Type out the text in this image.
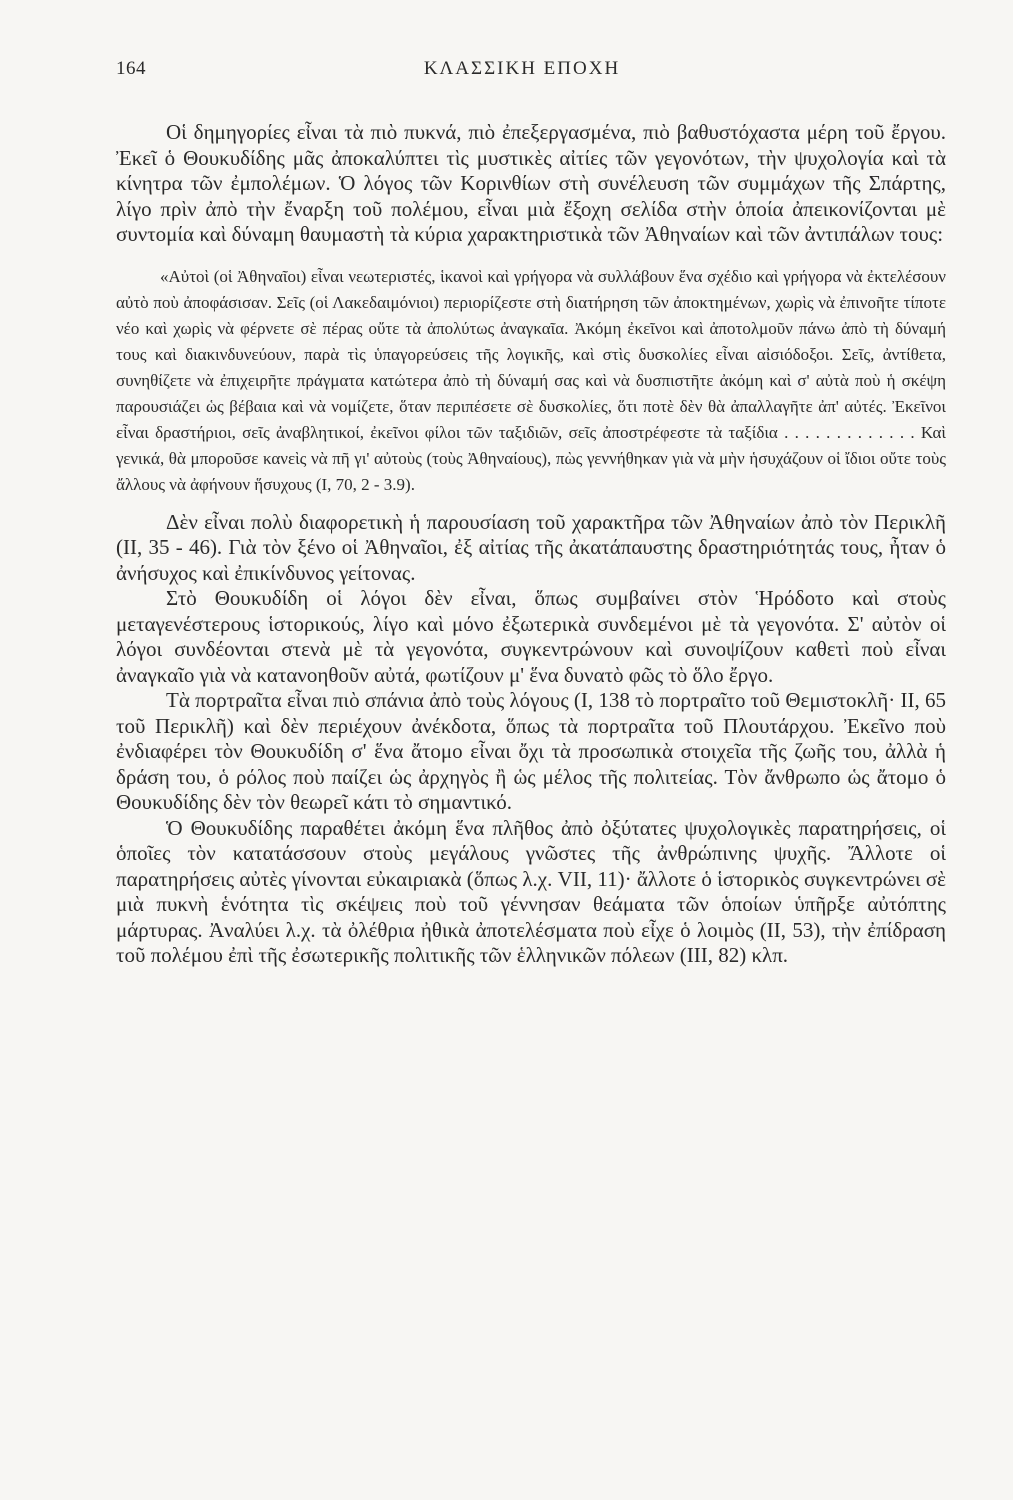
164	ΚΛΑΣΣΙΚΗ ΕΠΟΧΗ

Οἱ δημηγορίες εἶναι τὰ πιὸ πυκνά, πιὸ ἐπεξεργασμένα, πιὸ βαθυστόχαστα μέρη τοῦ ἔργου. Ἐκεῖ ὁ Θουκυδίδης μᾶς ἀποκαλύπτει τὶς μυστικὲς αἰτίες τῶν γεγονότων, τὴν ψυχολογία καὶ τὰ κίνητρα τῶν ἐμπολέμων. Ὁ λόγος τῶν Κορινθίων στὴ συνέλευση τῶν συμμάχων τῆς Σπάρτης, λίγο πρὶν ἀπὸ τὴν ἔναρξη τοῦ πολέμου, εἶναι μιὰ ἔξοχη σελίδα στὴν ὁποία ἀπεικονίζονται μὲ συντομία καὶ δύναμη θαυμαστὴ τὰ κύρια χαρακτηριστικὰ τῶν Ἀθηναίων καὶ τῶν ἀντιπάλων τους:

«Αὐτοὶ (οἱ Ἀθηναῖοι) εἶναι νεωτεριστές, ἱκανοὶ καὶ γρήγορα νὰ συλλάβουν ἕνα σχέδιο καὶ γρήγορα νὰ ἐκτελέσουν αὐτὸ ποὺ ἀποφάσισαν. Σεῖς (οἱ Λακεδαιμόνιοι) περιορίζεστε στὴ διατήρηση τῶν ἀποκτημένων, χωρὶς νὰ ἐπινοῆτε τίποτε νέο καὶ χωρὶς νὰ φέρνετε σὲ πέρας οὔτε τὰ ἀπολύτως ἀναγκαῖα. Ἀκόμη ἐκεῖνοι καὶ ἀποτολμοῦν πάνω ἀπὸ τὴ δύναμή τους καὶ διακινδυνεύουν, παρὰ τὶς ὑπαγορεύσεις τῆς λογικῆς, καὶ στὶς δυσκολίες εἶναι αἰσιόδοξοι. Σεῖς, ἀντίθετα, συνηθίζετε νὰ ἐπιχειρῆτε πράγματα κατώτερα ἀπὸ τὴ δύναμή σας καὶ νὰ δυσπιστῆτε ἀκόμη καὶ σ' αὐτὰ ποὺ ἡ σκέψη παρουσιάζει ὡς βέβαια καὶ νὰ νομίζετε, ὅταν περιπέσετε σὲ δυσκολίες, ὅτι ποτὲ δὲν θὰ ἀπαλλαγῆτε ἀπ' αὐτές. Ἐκεῖνοι εἶναι δραστήριοι, σεῖς ἀναβλητικοί, ἐκεῖνοι φίλοι τῶν ταξιδιῶν, σεῖς ἀποστρέφεστε τὰ ταξίδια . . . . . . . . . . . . . Καὶ γενικά, θὰ μποροῦσε κανεὶς νὰ πῆ γι' αὐτοὺς (τοὺς Ἀθηναίους), πὼς γεννήθηκαν γιὰ νὰ μὴν ἡσυχάζουν οἱ ἴδιοι οὔτε τοὺς ἄλλους νὰ ἀφήνουν ἥσυχους (Ι, 70, 2 - 3.9).

Δὲν εἶναι πολὺ διαφορετικὴ ἡ παρουσίαση τοῦ χαρακτῆρα τῶν Ἀθηναίων ἀπὸ τὸν Περικλῆ (ΙΙ, 35 - 46). Γιὰ τὸν ξένο οἱ Ἀθηναῖοι, ἐξ αἰτίας τῆς ἀκατάπαυστης δραστηριότητάς τους, ἦταν ὁ ἀνήσυχος καὶ ἐπικίνδυνος γείτονας.

Στὸ Θουκυδίδη οἱ λόγοι δὲν εἶναι, ὅπως συμβαίνει στὸν Ἡρόδοτο καὶ στοὺς μεταγενέστερους ἱστορικούς, λίγο καὶ μόνο ἐξωτερικὰ συνδεμένοι μὲ τὰ γεγονότα. Σ' αὐτὸν οἱ λόγοι συνδέονται στενὰ μὲ τὰ γεγονότα, συγκεντρώνουν καὶ συνοψίζουν καθετὶ ποὺ εἶναι ἀναγκαῖο γιὰ νὰ κατανοηθοῦν αὐτά, φωτίζουν μ' ἕνα δυνατὸ φῶς τὸ ὅλο ἔργο.

Τὰ πορτραῖτα εἶναι πιὸ σπάνια ἀπὸ τοὺς λόγους (Ι, 138 τὸ πορτραῖτο τοῦ Θεμιστοκλῆ· ΙΙ, 65 τοῦ Περικλῆ) καὶ δὲν περιέχουν ἀνέκδοτα, ὅπως τὰ πορτραῖτα τοῦ Πλουτάρχου. Ἐκεῖνο ποὺ ἐνδιαφέρει τὸν Θουκυδίδη σ' ἕνα ἄτομο εἶναι ὄχι τὰ προσωπικὰ στοιχεῖα τῆς ζωῆς του, ἀλλὰ ἡ δράση του, ὁ ρόλος ποὺ παίζει ὡς ἀρχηγὸς ἢ ὡς μέλος τῆς πολιτείας. Τὸν ἄνθρωπο ὡς ἄτομο ὁ Θουκυδίδης δὲν τὸν θεωρεῖ κάτι τὸ σημαντικό.

Ὁ Θουκυδίδης παραθέτει ἀκόμη ἕνα πλῆθος ἀπὸ ὀξύτατες ψυχολογικὲς παρατηρήσεις, οἱ ὁποῖες τὸν κατατάσσουν στοὺς μεγάλους γνῶστες τῆς ἀνθρώπινης ψυχῆς. Ἄλλοτε οἱ παρατηρήσεις αὐτὲς γίνονται εὐκαιριακὰ (ὅπως λ.χ. VII, 11)· ἄλλοτε ὁ ἱστορικὸς συγκεντρώνει σὲ μιὰ πυκνὴ ἑνότητα τὶς σκέψεις ποὺ τοῦ γέννησαν θεάματα τῶν ὁποίων ὑπῆρξε αὐτόπτης μάρτυρας. Ἀναλύει λ.χ. τὰ ὀλέθρια ἠθικὰ ἀποτελέσματα ποὺ εἶχε ὁ λοιμὸς (ΙΙ, 53), τὴν ἐπίδραση τοῦ πολέμου ἐπὶ τῆς ἐσωτερικῆς πολιτικῆς τῶν ἑλληνικῶν πόλεων (ΙΙΙ, 82) κλπ.
